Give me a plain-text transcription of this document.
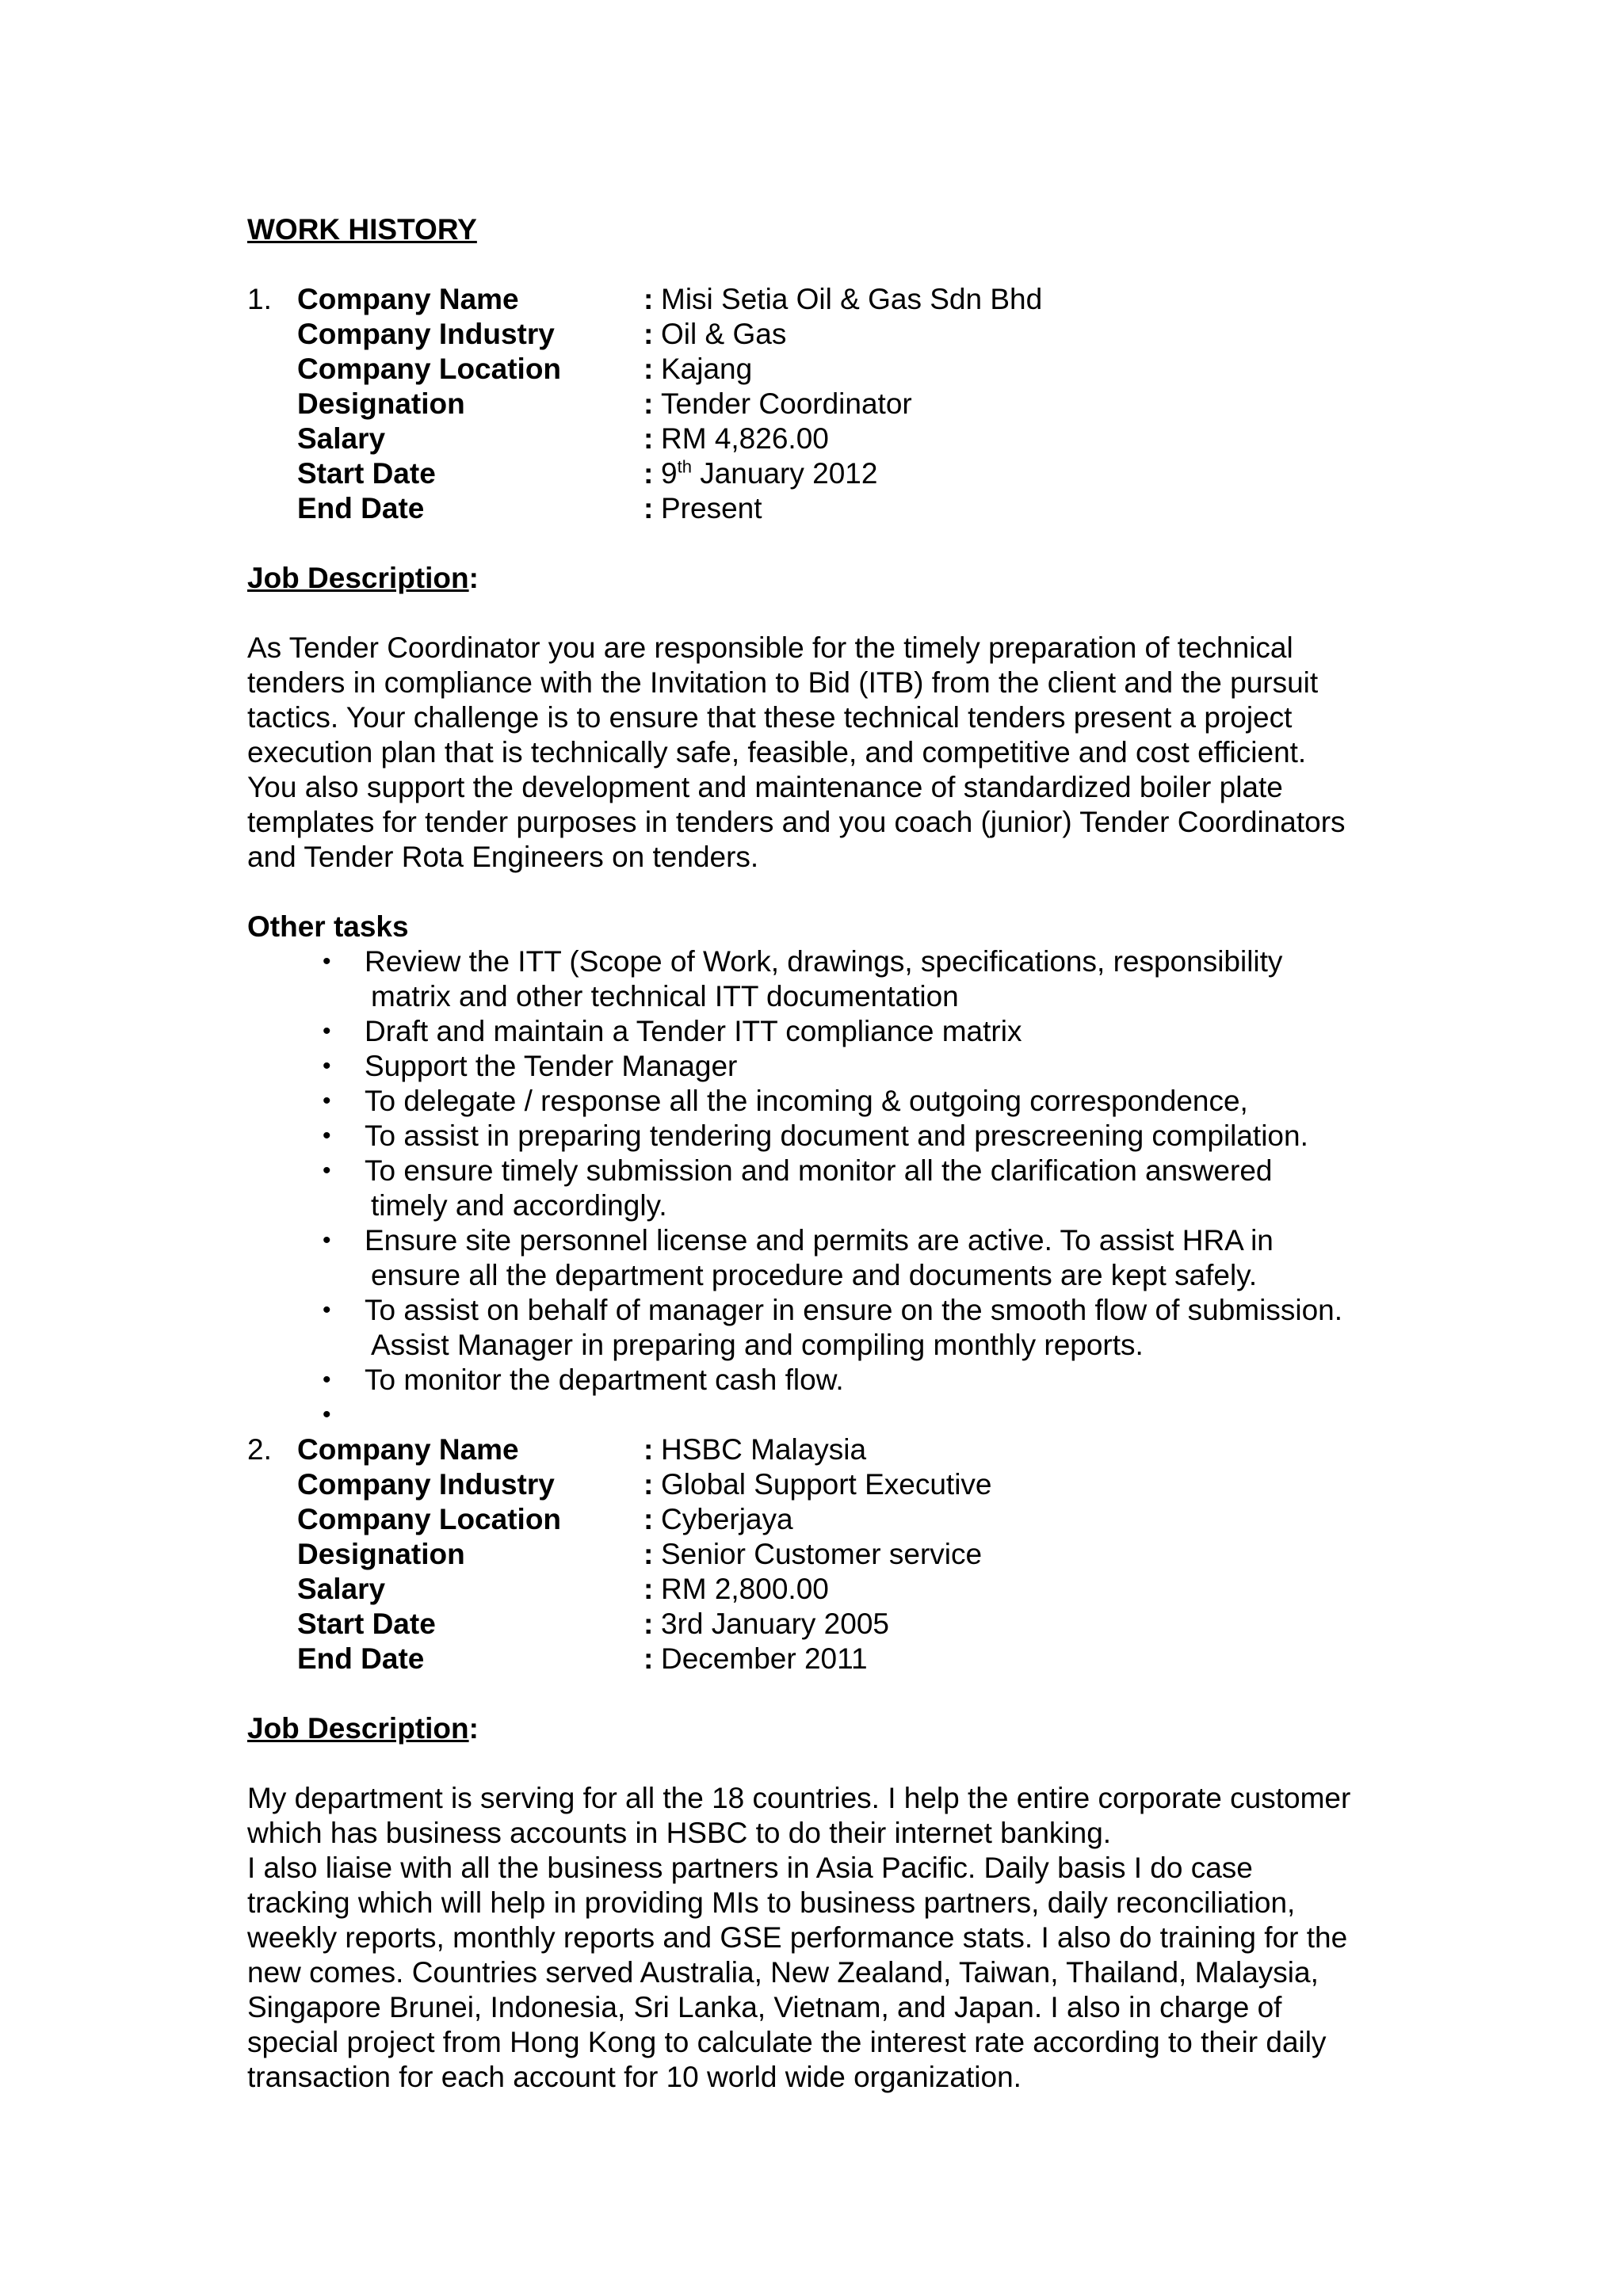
WORK HISTORY
1. Company Name	: Misi Setia Oil & Gas Sdn Bhd
Company Industry	: Oil & Gas
Company Location	: Kajang
Designation	: Tender Coordinator
Salary	: RM 4,826.00
Start Date	: 9th January 2012
End Date	: Present
Job Description:
As Tender Coordinator you are responsible for the timely preparation of technical
tenders in compliance with the Invitation to Bid (ITB) from the client and the pursuit
tactics. Your challenge is to ensure that these technical tenders present a project
execution plan that is technically safe, feasible, and competitive and cost efficient.
You also support the development and maintenance of standardized boiler plate
templates for tender purposes in tenders and you coach (junior) Tender Coordinators
and Tender Rota Engineers on tenders.
Other tasks
• Review the ITT (Scope of Work, drawings, specifications, responsibility
matrix and other technical ITT documentation
• Draft and maintain a Tender ITT compliance matrix
• Support the Tender Manager
• To delegate / response all the incoming & outgoing correspondence,
• To assist in preparing tendering document and prescreening compilation.
• To ensure timely submission and monitor all the clarification answered
timely and accordingly.
• Ensure site personnel license and permits are active. To assist HRA in
ensure all the department procedure and documents are kept safely.
• To assist on behalf of manager in ensure on the smooth flow of submission.
Assist Manager in preparing and compiling monthly reports.
• To monitor the department cash flow.
•
2. Company Name	: HSBC Malaysia
Company Industry	: Global Support Executive
Company Location	: Cyberjaya
Designation	: Senior Customer service
Salary	: RM 2,800.00
Start Date	: 3rd January 2005
End Date	: December 2011
Job Description:
My department is serving for all the 18 countries. I help the entire corporate customer
which has business accounts in HSBC to do their internet banking.
I also liaise with all the business partners in Asia Pacific. Daily basis I do case
tracking which will help in providing MIs to business partners, daily reconciliation,
weekly reports, monthly reports and GSE performance stats. I also do training for the
new comes. Countries served Australia, New Zealand, Taiwan, Thailand, Malaysia,
Singapore Brunei, Indonesia, Sri Lanka, Vietnam, and Japan. I also in charge of
special project from Hong Kong to calculate the interest rate according to their daily
transaction for each account for 10 world wide organization.
